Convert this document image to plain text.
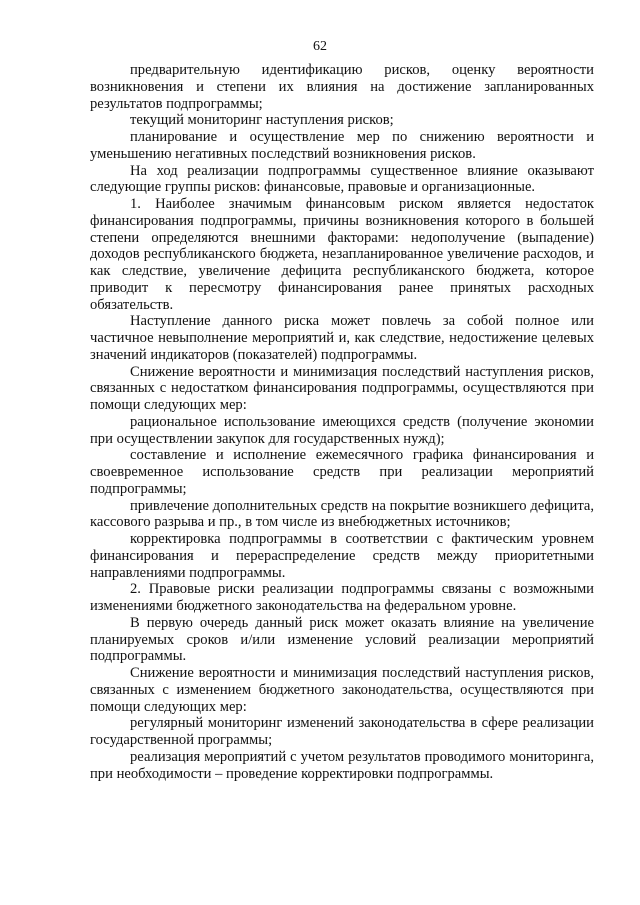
62

предварительную идентификацию рисков, оценку вероятности возникновения и степени их влияния на достижение запланированных результатов подпрограммы;

текущий мониторинг наступления рисков;

планирование и осуществление мер по снижению вероятности и уменьшению негативных последствий возникновения рисков.

На ход реализации подпрограммы существенное влияние оказывают следующие группы рисков: финансовые, правовые и организационные.

1. Наиболее значимым финансовым риском является недостаток финансирования подпрограммы, причины возникновения которого в большей степени определяются внешними факторами: недополучение (выпадение) доходов республиканского бюджета, незапланированное увеличение расходов, и как следствие, увеличение дефицита республиканского бюджета, которое приводит к пересмотру финансирования ранее принятых расходных обязательств.

Наступление данного риска может повлечь за собой полное или частичное невыполнение мероприятий и, как следствие, недостижение целевых значений индикаторов (показателей) подпрограммы.

Снижение вероятности и минимизация последствий наступления рисков, связанных с недостатком финансирования подпрограммы, осуществляются при помощи следующих мер:

рациональное использование имеющихся средств (получение экономии при осуществлении закупок для государственных нужд);

составление и исполнение ежемесячного графика финансирования и своевременное использование средств при реализации мероприятий подпрограммы;

привлечение дополнительных средств на покрытие возникшего дефицита, кассового разрыва и пр., в том числе из внебюджетных источников;

корректировка подпрограммы в соответствии с фактическим уровнем финансирования и перераспределение средств между приоритетными направлениями подпрограммы.

2. Правовые риски реализации подпрограммы связаны с возможными изменениями бюджетного законодательства на федеральном уровне.

В первую очередь данный риск может оказать влияние на увеличение планируемых сроков и/или изменение условий реализации мероприятий подпрограммы.

Снижение вероятности и минимизация последствий наступления рисков, связанных с изменением бюджетного законодательства, осуществляются при помощи следующих мер:

регулярный мониторинг изменений законодательства в сфере реализации государственной программы;

реализация мероприятий с учетом результатов проводимого мониторинга, при необходимости – проведение корректировки подпрограммы.
